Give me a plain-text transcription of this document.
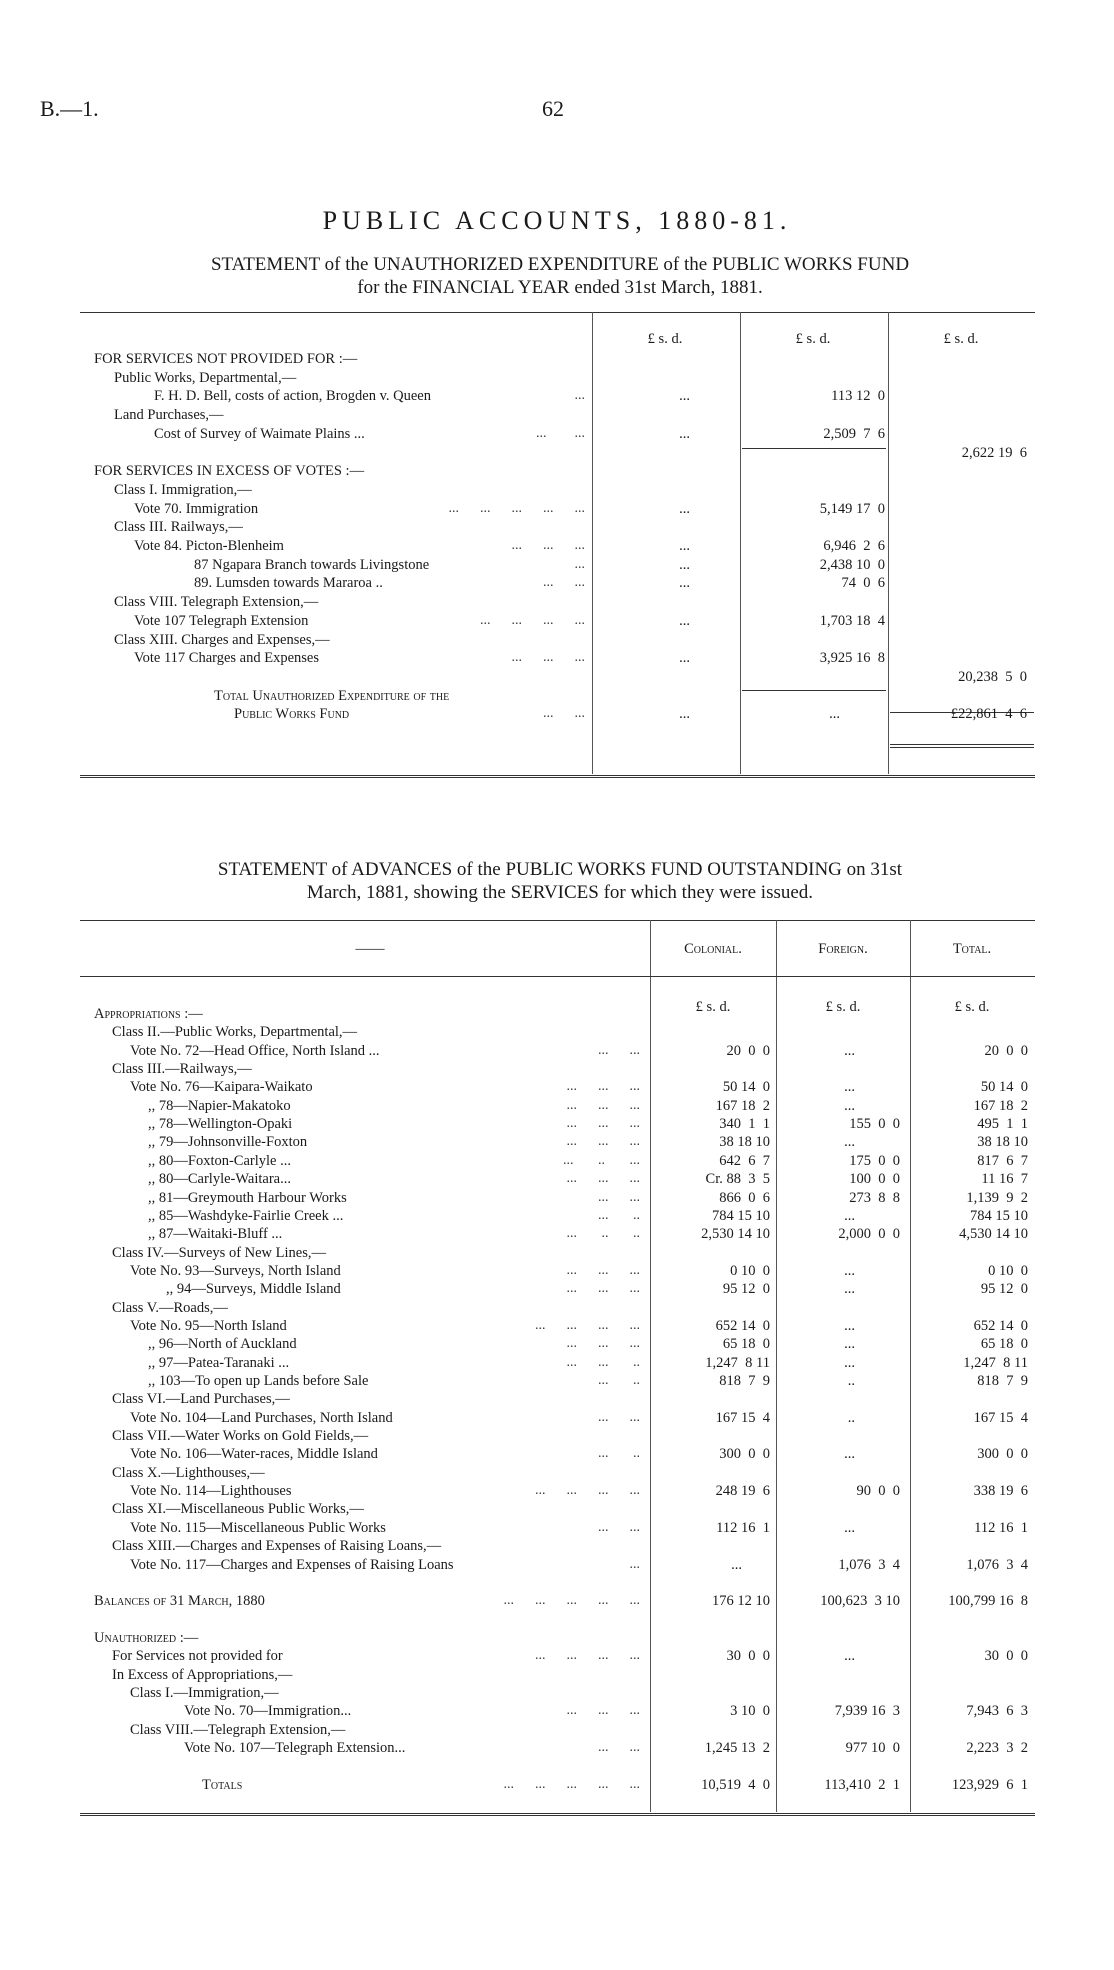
B.—1.	62
PUBLIC ACCOUNTS, 1880-81.
STATEMENT of the UNAUTHORIZED EXPENDITURE of the PUBLIC WORKS FUND
for the FINANCIAL YEAR ended 31st March, 1881.
£ s. d.	£ s. d.	£ s. d.
FOR SERVICES NOT PROVIDED FOR :—
Public Works, Departmental,—
F. H. D. Bell, costs of action, Brogden v. Queen	...	...	113 12  0
Land Purchases,—
Cost of Survey of Waimate Plains ...	...        ...	...	2,509  7  6
2,622 19  6
FOR SERVICES IN EXCESS OF VOTES :—
Class I. Immigration,—
Vote 70. Immigration	...      ...      ...      ...      ...	...	5,149 17  0
Class III. Railways,—
Vote 84. Picton-Blenheim	...      ...      ...	...	6,946  2  6
87 Ngapara Branch towards Livingstone	...	...	2,438 10  0
89. Lumsden towards Mararoa ..	...      ...	...	74  0  6
Class VIII. Telegraph Extension,—
Vote 107 Telegraph Extension	...      ...      ...      ...	...	1,703 18  4
Class XIII. Charges and Expenses,—
Vote 117 Charges and Expenses	...      ...      ...	...	3,925 16  8
20,238  5  0
Total Unauthorized Expenditure of the
Public Works Fund	...      ...	...	...	£22,861  4  6
STATEMENT of ADVANCES of the PUBLIC WORKS FUND OUTSTANDING on 31st
March, 1881, showing the SERVICES for which they were issued.
——	Colonial.	Foreign.	Total.
£ s. d.	£ s. d.	£ s. d.
Appropriations :—
Class II.—Public Works, Departmental,—
Vote No. 72—Head Office, North Island ...	...      ...	20  0  0	...	20  0  0
Class III.—Railways,—
Vote No. 76—Kaipara-Waikato	...      ...      ...	50 14  0	...	50 14  0
,, 78—Napier-Makatoko	...      ...      ...	167 18  2	...	167 18  2
,, 78—Wellington-Opaki	...      ...      ...	340  1  1	155  0  0	495  1  1
,, 79—Johnsonville-Foxton	...      ...      ...	38 18 10	...	38 18 10
,, 80—Foxton-Carlyle ...	...       ..       ...	642  6  7	175  0  0	817  6  7
,, 80—Carlyle-Waitara...	...      ...      ...	Cr. 88  3  5	100  0  0	11 16  7
,, 81—Greymouth Harbour Works	...      ...	866  0  6	273  8  8	1,139  9  2
,, 85—Washdyke-Fairlie Creek ...	...       ..	784 15 10	...	784 15 10
,, 87—Waitaki-Bluff ...	...       ..       ..	2,530 14 10	2,000  0  0	4,530 14 10
Class IV.—Surveys of New Lines,—
Vote No. 93—Surveys, North Island	...      ...      ...	0 10  0	...	0 10  0
,, 94—Surveys, Middle Island	...      ...      ...	95 12  0	...	95 12  0
Class V.—Roads,—
Vote No. 95—North Island	...      ...      ...      ...	652 14  0	...	652 14  0
,, 96—North of Auckland	...      ...      ...	65 18  0	...	65 18  0
,, 97—Patea-Taranaki ...	...      ...       ..	1,247  8 11	...	1,247  8 11
,, 103—To open up Lands before Sale	...       ..	818  7  9	..	818  7  9
Class VI.—Land Purchases,—
Vote No. 104—Land Purchases, North Island	...      ...	167 15  4	..	167 15  4
Class VII.—Water Works on Gold Fields,—
Vote No. 106—Water-races, Middle Island	...       ..	300  0  0	...	300  0  0
Class X.—Lighthouses,—
Vote No. 114—Lighthouses	...      ...      ...      ...	248 19  6	90  0  0	338 19  6
Class XI.—Miscellaneous Public Works,—
Vote No. 115—Miscellaneous Public Works	...      ...	112 16  1	...	112 16  1
Class XIII.—Charges and Expenses of Raising Loans,—
Vote No. 117—Charges and Expenses of Raising Loans	...	...	1,076  3  4	1,076  3  4
Balances of 31 March, 1880	...      ...      ...      ...      ...	176 12 10	100,623  3 10	100,799 16  8
Unauthorized :—
For Services not provided for	...      ...      ...      ...	30  0  0	...	30  0  0
In Excess of Appropriations,—
Class I.—Immigration,—
Vote No. 70—Immigration...	...      ...      ...	3 10  0	7,939 16  3	7,943  6  3
Class VIII.—Telegraph Extension,—
Vote No. 107—Telegraph Extension...	...      ...	1,245 13  2	977 10  0	2,223  3  2
Totals	...      ...      ...      ...      ...	10,519  4  0	113,410  2  1	123,929  6  1
